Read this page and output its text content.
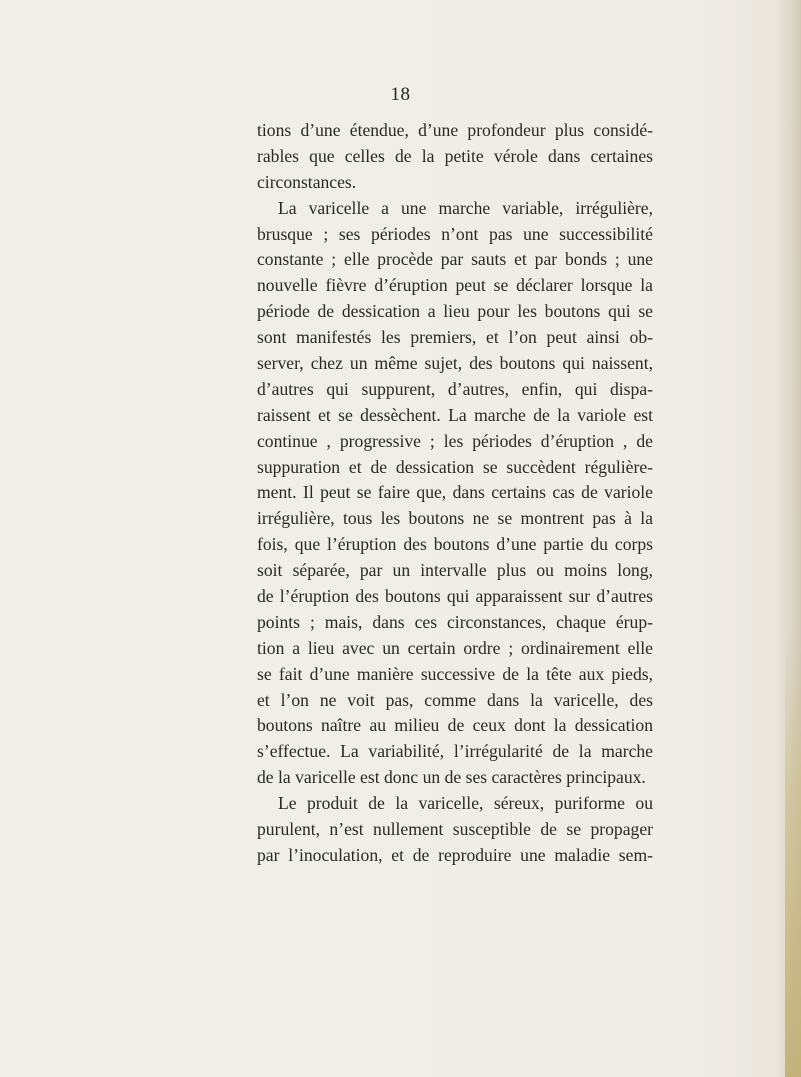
18
tions d’une étendue, d’une profondeur plus considé-
rables que celles de la petite vérole dans certaines
circonstances.
La varicelle a une marche variable, irrégulière,
brusque ; ses périodes n’ont pas une successibilité
constante ; elle procède par sauts et par bonds ; une
nouvelle fièvre d’éruption peut se déclarer lorsque la
période de dessication a lieu pour les boutons qui se
sont manifestés les premiers, et l’on peut ainsi ob-
server, chez un même sujet, des boutons qui naissent,
d’autres qui suppurent, d’autres, enfin, qui dispa-
raissent et se dessèchent. La marche de la variole est
continue , progressive ; les périodes d’éruption , de
suppuration et de dessication se succèdent régulière-
ment. Il peut se faire que, dans certains cas de variole
irrégulière, tous les boutons ne se montrent pas à la
fois, que l’éruption des boutons d’une partie du corps
soit séparée, par un intervalle plus ou moins long,
de l’éruption des boutons qui apparaissent sur d’autres
points ; mais, dans ces circonstances, chaque érup-
tion a lieu avec un certain ordre ; ordinairement elle
se fait d’une manière successive de la tête aux pieds,
et l’on ne voit pas, comme dans la varicelle, des
boutons naître au milieu de ceux dont la dessication
s’effectue. La variabilité, l’irrégularité de la marche
de la varicelle est donc un de ses caractères principaux.
Le produit de la varicelle, séreux, puriforme ou
purulent, n’est nullement susceptible de se propager
par l’inoculation, et de reproduire une maladie sem-
